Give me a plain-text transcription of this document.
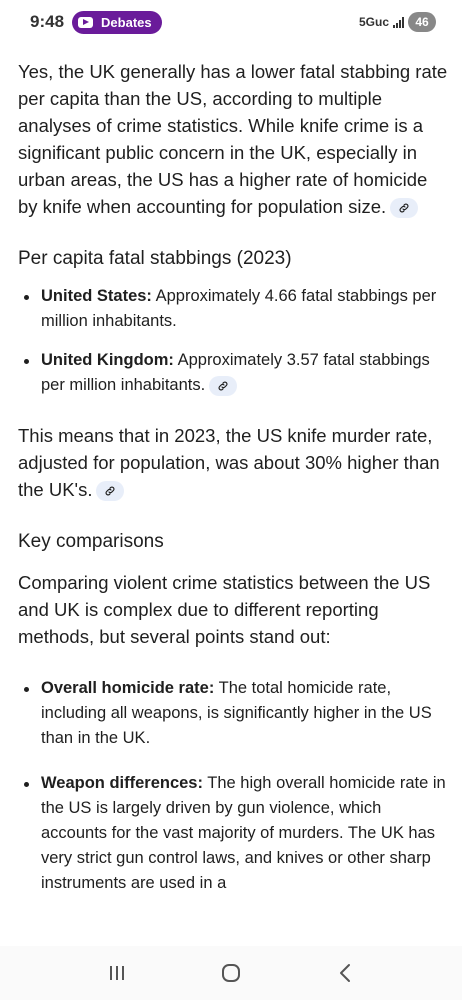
9:48	Debates	5Guc	46

Yes, the UK generally has a lower fatal stabbing rate per capita than the US, according to multiple analyses of crime statistics. While knife crime is a significant public concern in the UK, especially in urban areas, the US has a higher rate of homicide by knife when accounting for population size.

Per capita fatal stabbings (2023)
United States: Approximately 4.66 fatal stabbings per million inhabitants.
United Kingdom: Approximately 3.57 fatal stabbings per million inhabitants.

This means that in 2023, the US knife murder rate, adjusted for population, was about 30% higher than the UK's.

Key comparisons

Comparing violent crime statistics between the US and UK is complex due to different reporting methods, but several points stand out:

Overall homicide rate: The total homicide rate, including all weapons, is significantly higher in the US than in the UK.
Weapon differences: The high overall homicide rate in the US is largely driven by gun violence, which accounts for the vast majority of murders. The UK has very strict gun control laws, and knives or other sharp instruments are used in a
